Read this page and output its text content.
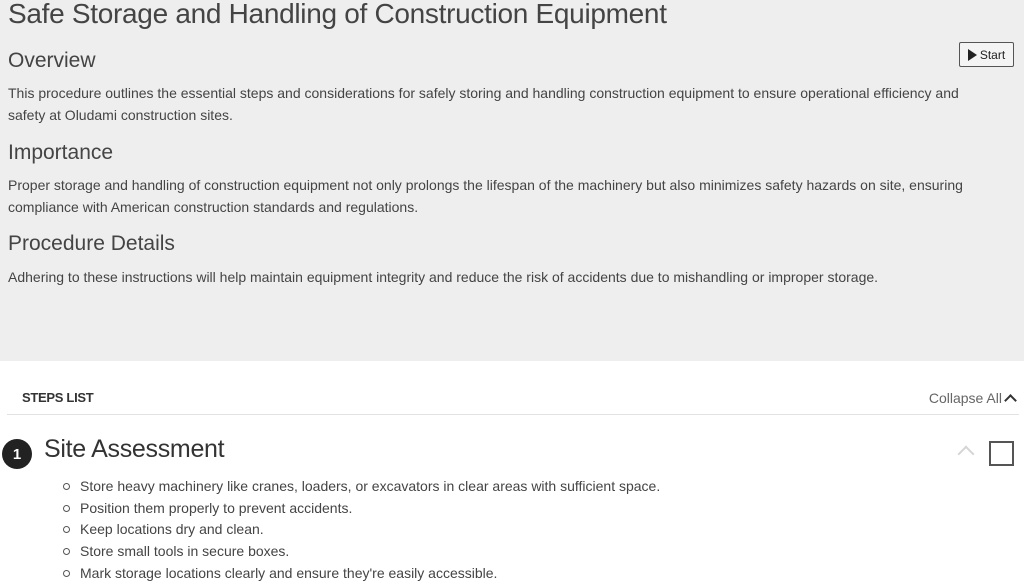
Safe Storage and Handling of Construction Equipment
Start
Overview

This procedure outlines the essential steps and considerations for safely storing and handling construction equipment to ensure operational efficiency and safety at Oludami construction sites.

Importance

Proper storage and handling of construction equipment not only prolongs the lifespan of the machinery but also minimizes safety hazards on site, ensuring compliance with American construction standards and regulations.

Procedure Details

Adhering to these instructions will help maintain equipment integrity and reduce the risk of accidents due to mishandling or improper storage.

STEPS LIST	Collapse All
1 Site Assessment
Store heavy machinery like cranes, loaders, or excavators in clear areas with sufficient space.
Position them properly to prevent accidents.
Keep locations dry and clean.
Store small tools in secure boxes.
Mark storage locations clearly and ensure they're easily accessible.
